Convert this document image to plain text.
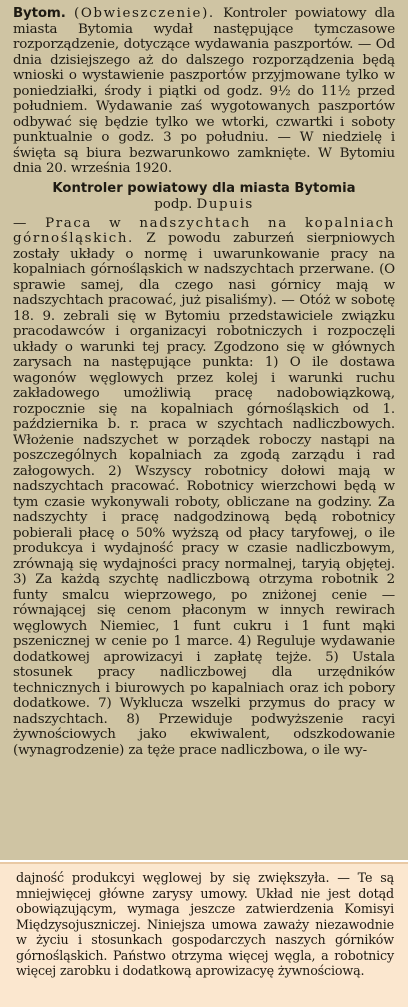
Bytom. (Obwieszczenie). Kontroler powiatowy dla miasta Bytomia wydał następujące tymczasowe rozporządzenie, dotyczące wydawania paszportów. — Od dnia dzisiejszego aż do dalszego rozporządzenia będą wnioski o wystawienie paszportów przyjmowane tylko w poniedziałki, środy i piątki od godz. 9½ do 11½ przed południem. Wydawanie zaś wygotowanych paszportów odbywać się będzie tylko we wtorki, czwartki i soboty punktualnie o godz. 3 po południu. — W niedzielę i święta są biura bezwarunkowo zamknięte. W Bytomiu dnia 20. września 1920.

Kontroler powiatowy dla miasta Bytomia
podp. Dupuis

— Praca w nadszychtach na kopalniach górnośląskich. Z powodu zaburzeń sierpniowych zostały układy o normę i uwarunkowanie pracy na kopalniach górnośląskich w nadszychtach przerwane. (O sprawie samej, dla czego nasi górnicy mają w nadszychtach pracować, już pisaliśmy). — Otóż w sobotę 18. 9. zebrali się w Bytomiu przedstawiciele związku pracodawców i organizacyi robotniczych i rozpoczęli układy o warunki tej pracy. Zgodzono się w głównych zarysach na następujące punkta: 1) O ile dostawa wagonów węglowych przez kolej i warunki ruchu zakładowego umożliwią pracę nadobowiązkową, rozpocznie się na kopalniach górnośląskich od 1. października b. r. praca w szychtach nadliczbowych. Włożenie nadszychet w porządek roboczy nastąpi na poszczególnych kopalniach za zgodą zarządu i rad załogowych. 2) Wszyscy robotnicy dołowi mają w nadszychtach pracować. Robotnicy wierzchowi będą w tym czasie wykonywali roboty, obliczane na godziny. Za nadszychty i pracę nadgodzinową będą robotnicy pobierali płacę o 50% wyższą od płacy taryfowej, o ile produkcya i wydajność pracy w czasie nadliczbowym, zrównają się wydajności pracy normalnej, taryią objętej. 3) Za każdą szychtę nadliczbową otrzyma robotnik 2 funty smalcu wieprzowego, po zniżonej cenie — równającej się cenom płaconym w innych rewirach węglowych Niemiec, 1 funt cukru i 1 funt mąki pszenicznej w cenie po 1 marce. 4) Reguluje wydawanie dodatkowej aprowizacyi i zapłatę tejże. 5) Ustala stosunek pracy nadliczbowej dla urzędników technicznych i biurowych po kapalniach oraz ich pobory dodatkowe. 7) Wyklucza wszelki przymus do pracy w nadszychtach. 8) Przewiduje podwyższenie racyi żywnościowych jako ekwiwalent, odszkodowanie (wynagrodzenie) za tęże prace nadliczbowa, o ile wy-

dajność produkcyi węglowej by się zwiększyła. — Te są mniejwięcej główne zarysy umowy. Układ nie jest dotąd obowiązującym, wymaga jeszcze zatwierdzenia Komisyi Międzysojuszniczej. Niniejsza umowa zaważy niezawodnie w życiu i stosunkach gospodarczych naszych górników górnośląskich. Państwo otrzyma więcej węgla, a robotnicy więcej zarobku i dodatkową aprowizacyę żywnościową.
